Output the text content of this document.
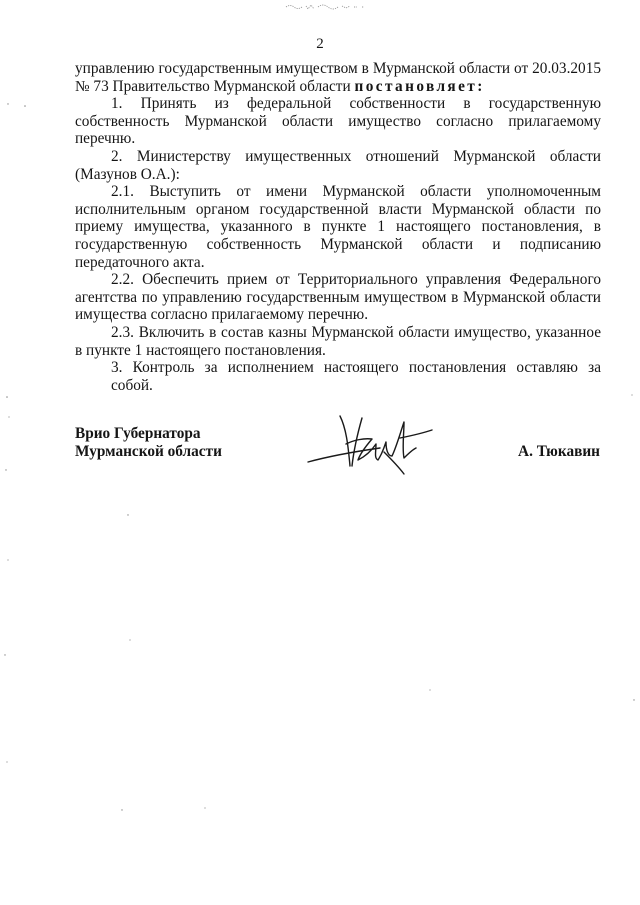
2
управлению государственным имуществом в Мурманской области от 20.03.2015
№ 73 Правительство Мурманской области постановляет:
1. Принять из федеральной собственности в государственную
собственность Мурманской области имущество согласно прилагаемому
перечню.
2. Министерству имущественных отношений Мурманской области
(Мазунов О.А.):
2.1. Выступить от имени Мурманской области уполномоченным
исполнительным органом государственной власти Мурманской области по
приему имущества, указанного в пункте 1 настоящего постановления, в
государственную собственность Мурманской области и подписанию
передаточного акта.
2.2. Обеспечить прием от Территориального управления Федерального
агентства по управлению государственным имуществом в Мурманской области
имущества согласно прилагаемому перечню.
2.3. Включить в состав казны Мурманской области имущество, указанное
в пункте 1 настоящего постановления.
3. Контроль за исполнением настоящего постановления оставляю за собой.
Врио Губернатора
Мурманской области	А. Тюкавин
